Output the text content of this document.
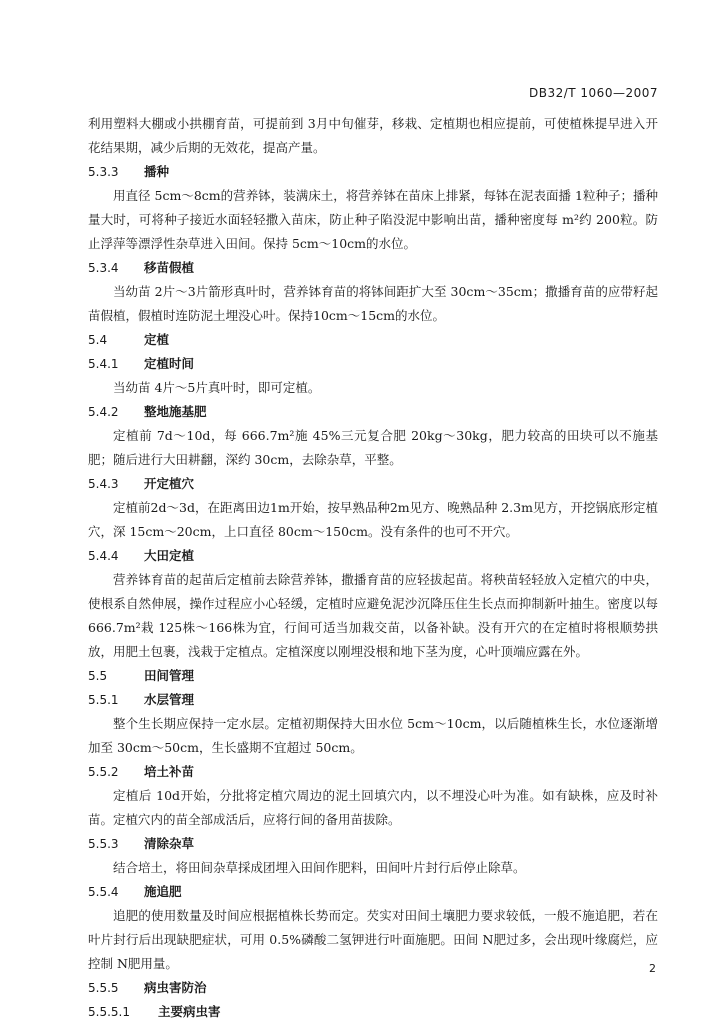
DB32/T 1060—2007

利用塑料大棚或小拱棚育苗，可提前到 3月中旬催芽，移栽、定植期也相应提前，可使植株提早进入开花结果期，减少后期的无效花，提高产量。

5.3.3 播种

用直径 5cm～8cm的营养钵，装满床土，将营养钵在苗床上排紧，每钵在泥表面播 1粒种子；播种量大时，可将种子接近水面轻轻撒入苗床，防止种子陷没泥中影响出苗，播种密度每 m²约 200粒。防止浮萍等漂浮性杂草进入田间。保持 5cm～10cm的水位。

5.3.4 移苗假植

当幼苗 2片～3片箭形真叶时，营养钵育苗的将钵间距扩大至 30cm～35cm；撒播育苗的应带籽起苗假植，假植时连防泥土埋没心叶。保持10cm～15cm的水位。

5.4	定植

5.4.1 定植时间

当幼苗 4片～5片真叶时，即可定植。

5.4.2 整地施基肥

定植前 7d～10d，每 666.7m²施 45%三元复合肥 20kg～30kg，肥力较高的田块可以不施基肥；随后进行大田耕翻，深约 30cm，去除杂草，平整。

5.4.3 开定植穴

定植前2d～3d，在距离田边1m开始，按早熟品种2m见方、晚熟品种 2.3m见方，开挖锅底形定植穴，深 15cm～20cm，上口直径 80cm～150cm。没有条件的也可不开穴。

5.4.4 大田定植

营养钵育苗的起苗后定植前去除营养钵，撒播育苗的应轻拔起苗。将秧苗轻轻放入定植穴的中央，使根系自然伸展，操作过程应小心轻缓，定植时应避免泥沙沉降压住生长点而抑制新叶抽生。密度以每666.7m²栽 125株～166株为宜，行间可适当加栽交苗，以备补缺。没有开穴的在定植时将根顺势拱放，用肥土包裹，浅栽于定植点。定植深度以刚埋没根和地下茎为度，心叶顶端应露在外。

5.5	田间管理

5.5.1 水层管理

整个生长期应保持一定水层。定植初期保持大田水位 5cm～10cm，以后随植株生长，水位逐渐增加至 30cm～50cm，生长盛期不宜超过 50cm。

5.5.2 培土补苗

定植后 10d开始，分批将定植穴周边的泥土回填穴内，以不埋没心叶为准。如有缺株，应及时补苗。定植穴内的苗全部成活后，应将行间的备用苗拔除。

5.5.3 清除杂草

结合培土，将田间杂草採成团埋入田间作肥料，田间叶片封行后停止除草。

5.5.4 施追肥

追肥的使用数量及时间应根据植株长势而定。芡实对田间土壤肥力要求较低，一般不施追肥，若在叶片封行后出现缺肥症状，可用 0.5%磷酸二氢钾进行叶面施肥。田间 N肥过多，会出现叶缘腐烂，应控制 N肥用量。

5.5.5 病虫害防治

5.5.5.1 主要病虫害

2
